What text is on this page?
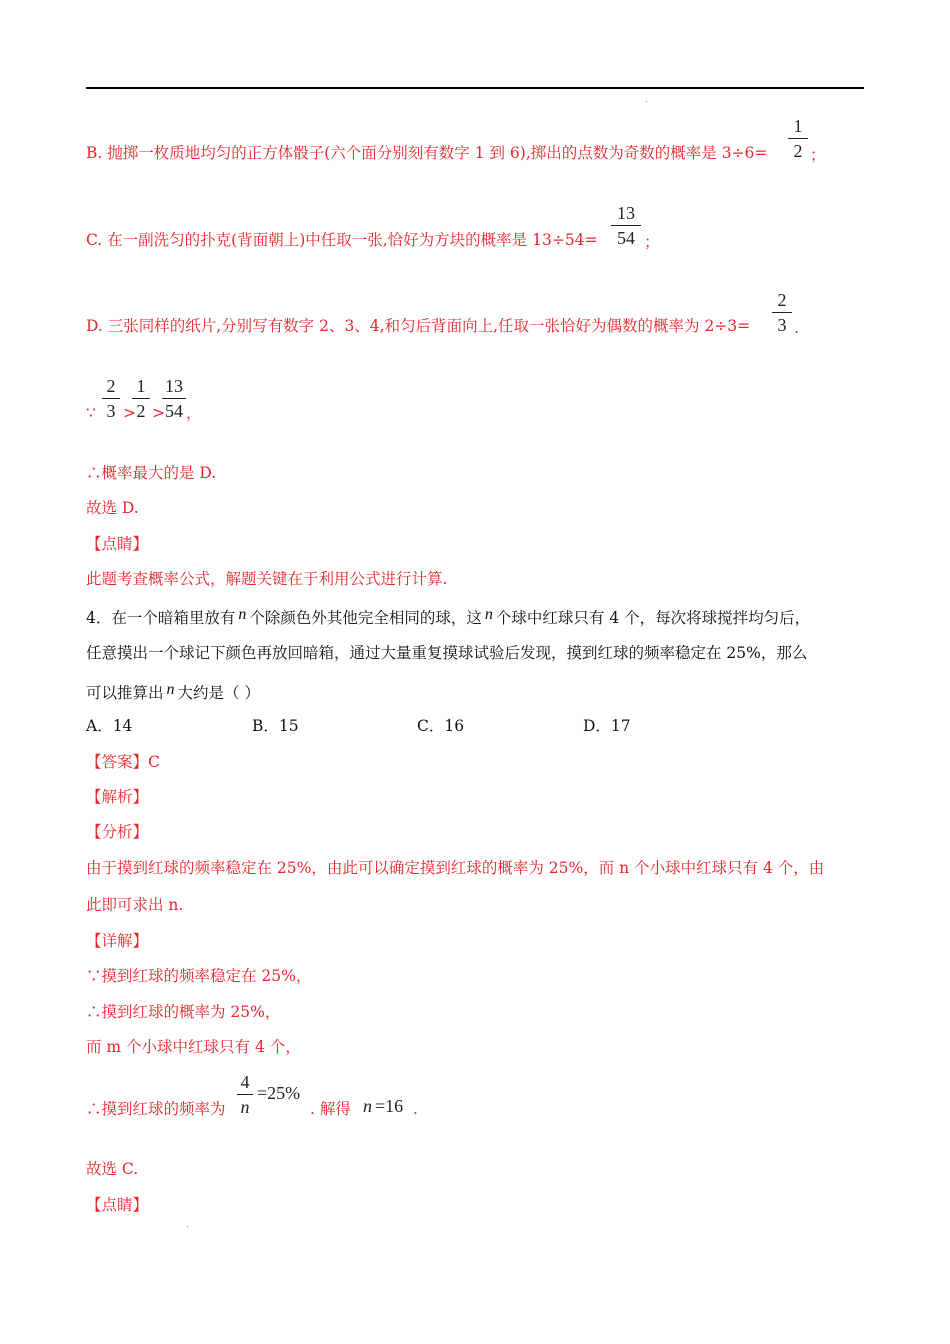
B. 抛掷一枚质地均匀的正方体骰子(六个面分别刻有数字 1 到 6),掷出的点数为奇数的概率是 3÷6=
1
2 ；
C. 在一副洗匀的扑克(背面朝上)中任取一张,恰好为方块的概率是 13÷54=
13
54 ；
D. 三张同样的纸片,分别写有数字 2、3、4,和匀后背面向上,任取一张恰好为偶数的概率为 2÷3=
2
3 .
∵
2
3 >
1
2 >
13
54 ，
∴概率最大的是 D.
故选 D.
【点睛】
此题考查概率公式，解题关键在于利用公式进行计算.
4．在一个暗箱里放有 n 个除颜色外其他完全相同的球，这 n 个球中红球只有 4 个，每次将球搅拌均匀后，
任意摸出一个球记下颜色再放回暗箱，通过大量重复摸球试验后发现，摸到红球的频率稳定在 25%，那么
可以推算出 n 大约是（ ）
A．14	B．15	C．16	D．17
【答案】C
【解析】
【分析】
由于摸到红球的频率稳定在 25%，由此可以确定摸到红球的概率为 25%，而 n 个小球中红球只有 4 个，由
此即可求出 n.
【详解】
∵摸到红球的频率稳定在 25%，
∴摸到红球的概率为 25%，
而 m 个小球中红球只有 4 个，
∴摸到红球的频率为
4
n
=25%
. 解得 n =16 .
故选 C.
【点睛】
